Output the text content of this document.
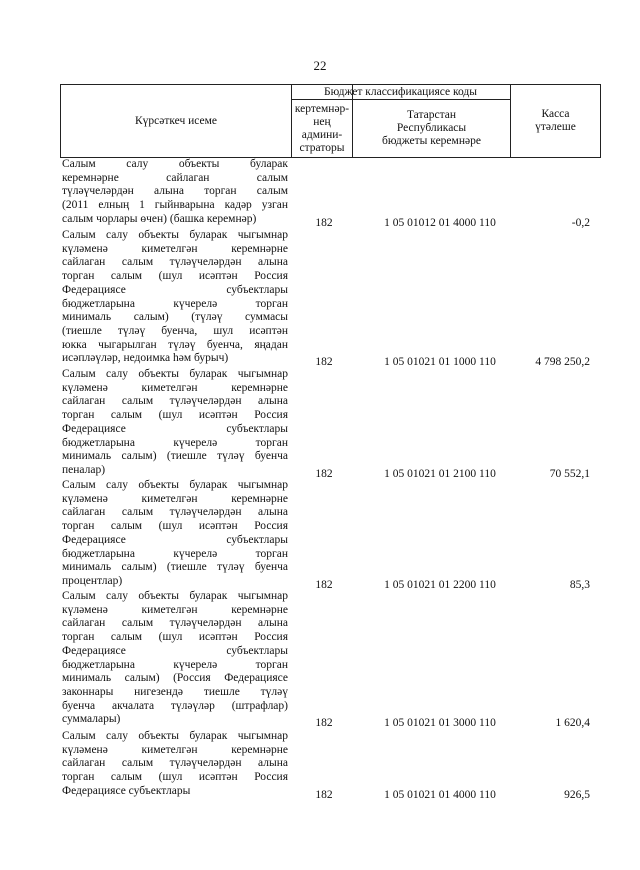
22
Күрсәткеч исеме
Бюджет классификациясе коды
кертемнәр-
нең
админи-
страторы
Татарстан
Республикасы
бюджеты керемнәре
Касса
үтәлеше
Салым салу объекты буларак
керемнәрне сайлаган салым
түләүчеләрдән алына торган салым
(2011 елның 1 гыйнварына кадәр узган
салым чорлары өчен) (башка керемнәр)	182	1 05 01012 01 4000 110	-0,2
Салым салу объекты буларак чыгымнар
күләменә киметелгән керемнәрне
сайлаган салым түләүчеләрдән алына
торган салым (шул исәптән Россия
Федерациясе субъектлары
бюджетларына күчерелә торган
минималь салым) (түләү суммасы
(тиешле түләү буенча, шул исәптән
юкка чыгарылган түләү буенча, яңадан
исәпләүләр, недоимка һәм бурыч)	182	1 05 01021 01 1000 110	4 798 250,2
Салым салу объекты буларак чыгымнар
күләменә киметелгән керемнәрне
сайлаган салым түләүчеләрдән алына
торган салым (шул исәптән Россия
Федерациясе субъектлары
бюджетларына күчерелә торган
минималь салым) (тиешле түләү буенча
пеналар)	182	1 05 01021 01 2100 110	70 552,1
Салым салу объекты буларак чыгымнар
күләменә киметелгән керемнәрне
сайлаган салым түләүчеләрдән алына
торган салым (шул исәптән Россия
Федерациясе субъектлары
бюджетларына күчерелә торган
минималь салым) (тиешле түләү буенча
процентлар)	182	1 05 01021 01 2200 110	85,3
Салым салу объекты буларак чыгымнар
күләменә киметелгән керемнәрне
сайлаган салым түләүчеләрдән алына
торган салым (шул исәптән Россия
Федерациясе субъектлары
бюджетларына күчерелә торган
минималь салым) (Россия Федерациясе
законнары нигезендә тиешле түләү
буенча акчалата түләүләр (штрафлар)
суммалары)	182	1 05 01021 01 3000 110	1 620,4
Салым салу объекты буларак чыгымнар
күләменә киметелгән керемнәрне
сайлаган салым түләүчеләрдән алына
торган салым (шул исәптән Россия
Федерациясе субъектлары	182	1 05 01021 01 4000 110	926,5
